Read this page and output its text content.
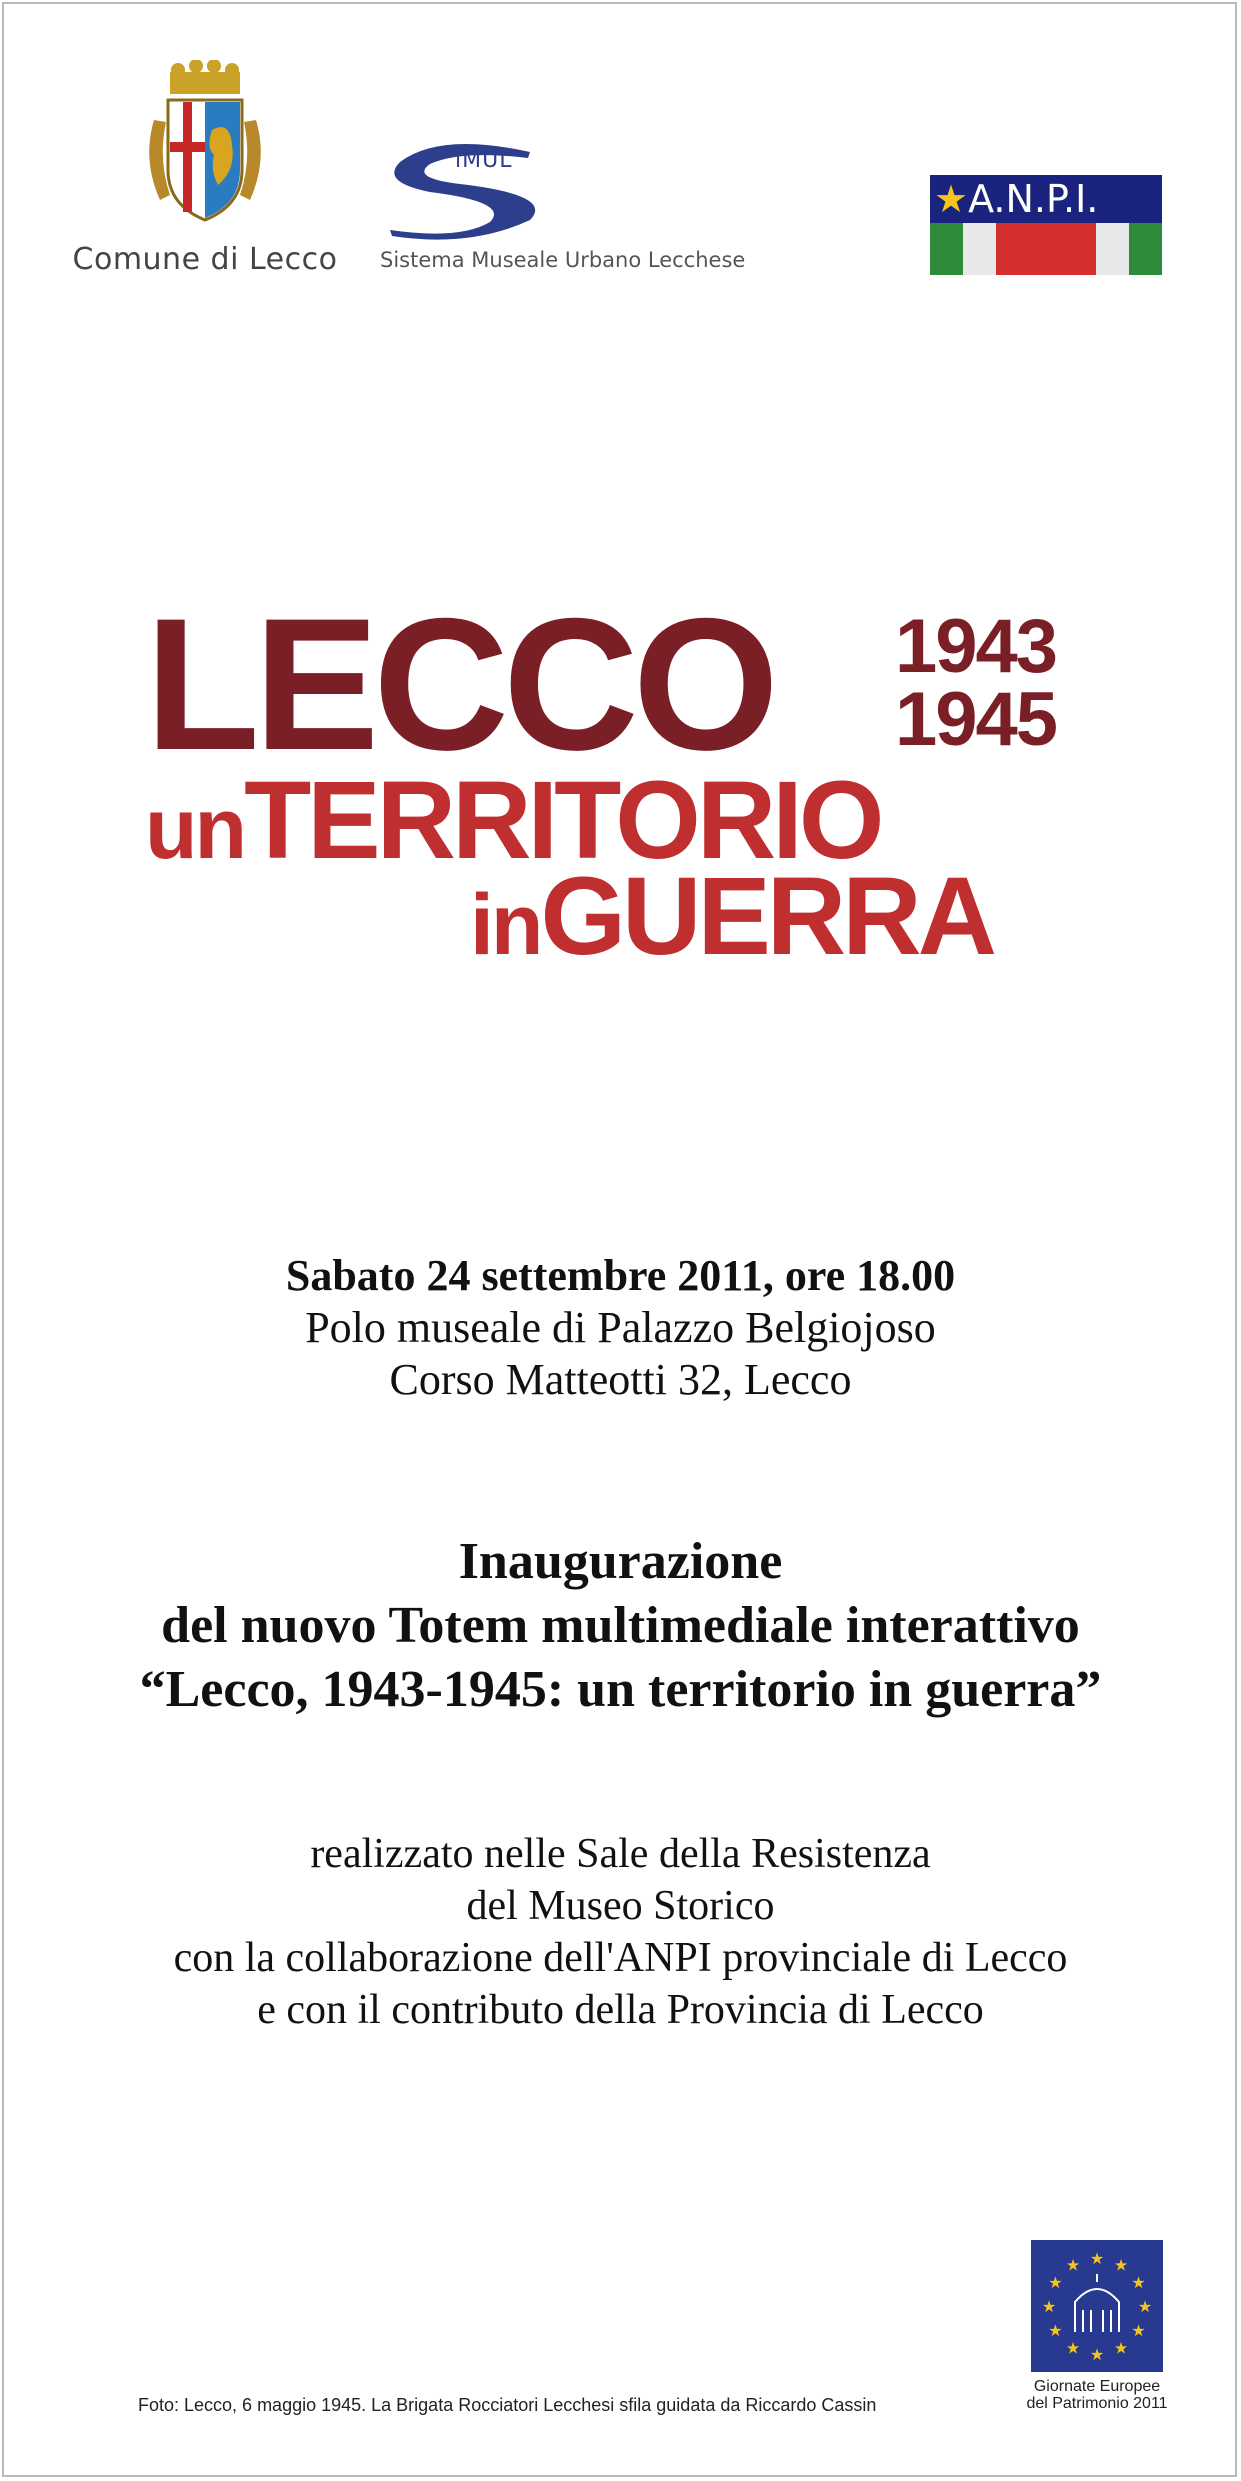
Comune di Lecco
iMUL
Sistema Museale Urbano Lecchese
★A.N.P.I.
LECCO 1943
1945
unTERRITORIO
inGUERRA
Sabato 24 settembre 2011, ore 18.00
Polo museale di Palazzo Belgiojoso
Corso Matteotti 32, Lecco
Inaugurazione
del nuovo Totem multimediale interattivo
“Lecco, 1943-1945: un territorio in guerra”
realizzato nelle Sale della Resistenza
del Museo Storico
con la collaborazione dell'ANPI provinciale di Lecco
e con il contributo della Provincia di Lecco
Foto: Lecco, 6 maggio 1945. La Brigata Rocciatori Lecchesi sfila guidata da Riccardo Cassin
★ ★
★
★
★
★
★
★
★
★
★
★
Giornate Europee
del Patrimonio 2011
